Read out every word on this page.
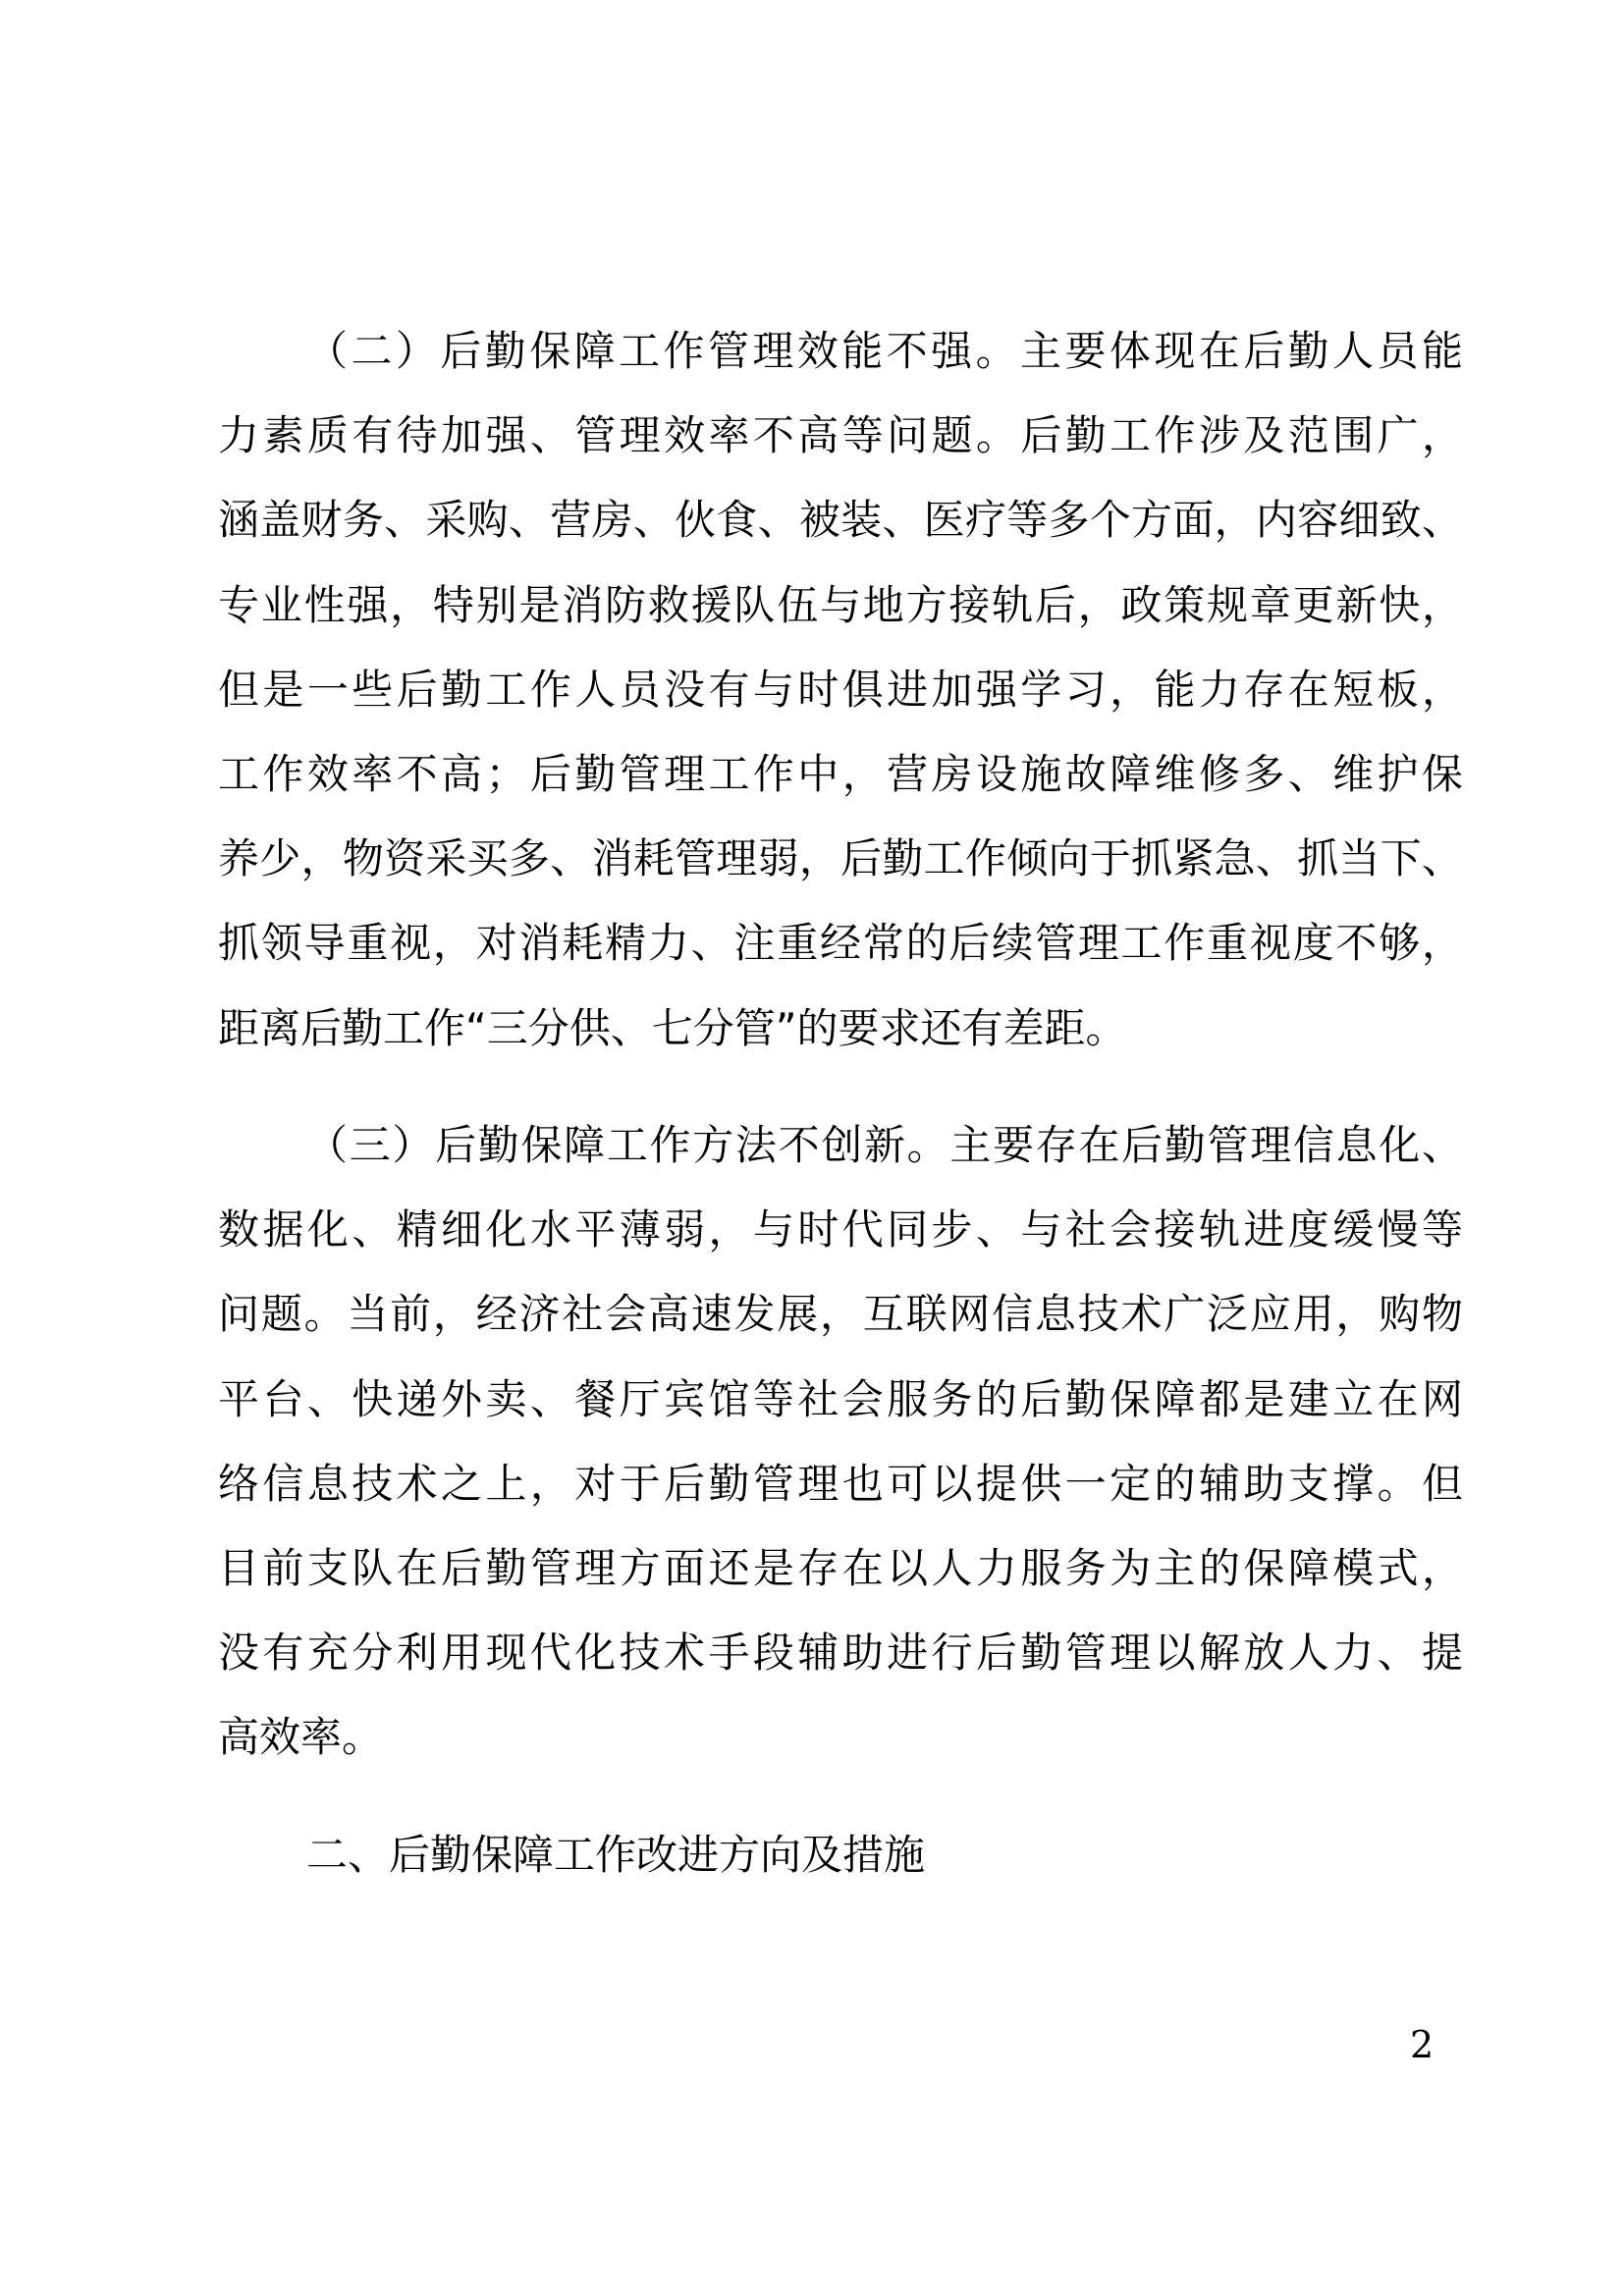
（二）后勤保障工作管理效能不强。主要体现在后勤人员能
力素质有待加强、管理效率不高等问题。后勤工作涉及范围广，
涵盖财务、采购、营房、伙食、被装、医疗等多个方面，内容细致、
专业性强，特别是消防救援队伍与地方接轨后，政策规章更新快，
但是一些后勤工作人员没有与时俱进加强学习，能力存在短板，
工作效率不高；后勤管理工作中，营房设施故障维修多、维护保
养少，物资采买多、消耗管理弱，后勤工作倾向于抓紧急、抓当下、
抓领导重视，对消耗精力、注重经常的后续管理工作重视度不够，
距离后勤工作“三分供、七分管”的要求还有差距。
（三）后勤保障工作方法不创新。主要存在后勤管理信息化、
数据化、精细化水平薄弱，与时代同步、与社会接轨进度缓慢等
问题。当前，经济社会高速发展，互联网信息技术广泛应用，购物
平台、快递外卖、餐厅宾馆等社会服务的后勤保障都是建立在网
络信息技术之上，对于后勤管理也可以提供一定的辅助支撑。但
目前支队在后勤管理方面还是存在以人力服务为主的保障模式，
没有充分利用现代化技术手段辅助进行后勤管理以解放人力、提
高效率。
二、后勤保障工作改进方向及措施
2
